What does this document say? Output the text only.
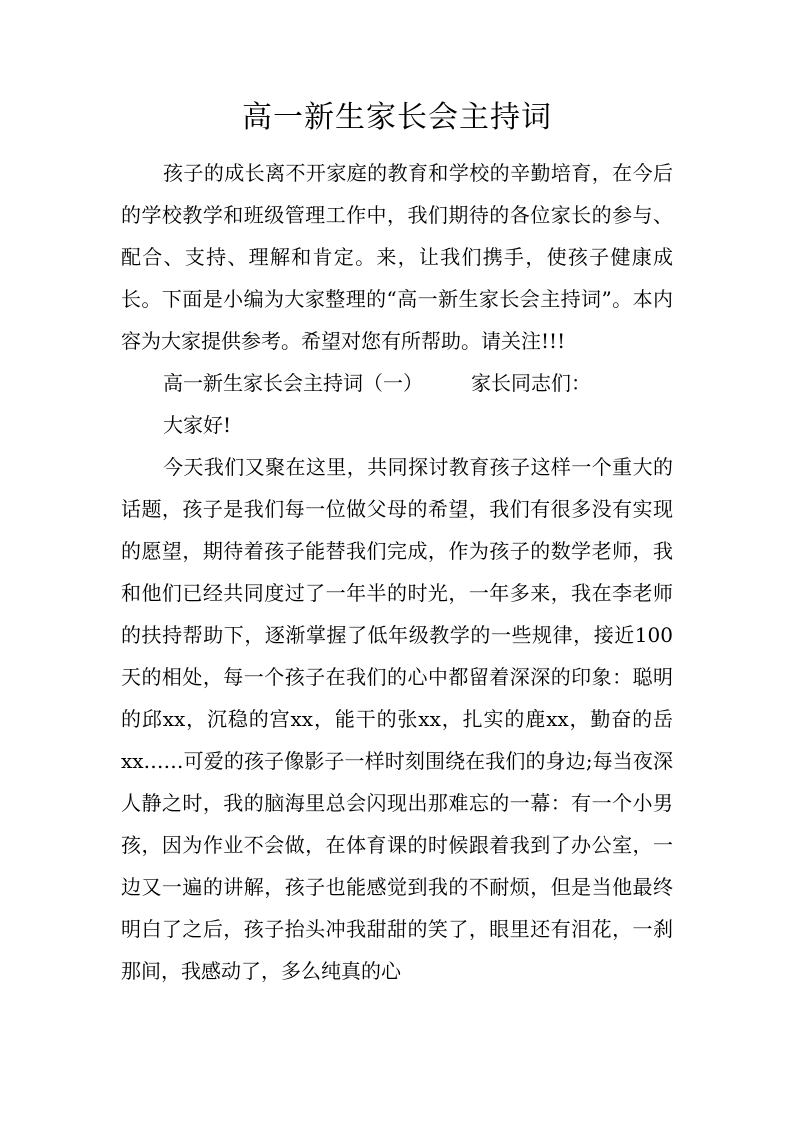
高一新生家长会主持词

孩子的成长离不开家庭的教育和学校的辛勤培育，在今后的学校教学和班级管理工作中，我们期待的各位家长的参与、配合、支持、理解和肯定。来，让我们携手，使孩子健康成长。下面是小编为大家整理的“高一新生家长会主持词”。本内容为大家提供参考。希望对您有所帮助。请关注!!!

高一新生家长会主持词（一） 家长同志们：

大家好!

今天我们又聚在这里，共同探讨教育孩子这样一个重大的话题，孩子是我们每一位做父母的希望，我们有很多没有实现的愿望，期待着孩子能替我们完成，作为孩子的数学老师，我和他们已经共同度过了一年半的时光，一年多来，我在李老师的扶持帮助下，逐渐掌握了低年级教学的一些规律，接近100天的相处，每一个孩子在我们的心中都留着深深的印象：聪明的邱xx，沉稳的宫xx，能干的张xx，扎实的鹿xx，勤奋的岳xx……可爱的孩子像影子一样时刻围绕在我们的身边;每当夜深人静之时，我的脑海里总会闪现出那难忘的一幕：有一个小男孩，因为作业不会做，在体育课的时候跟着我到了办公室，一边又一遍的讲解，孩子也能感觉到我的不耐烦，但是当他最终明白了之后，孩子抬头冲我甜甜的笑了，眼里还有泪花，一刹那间，我感动了，多么纯真的心
